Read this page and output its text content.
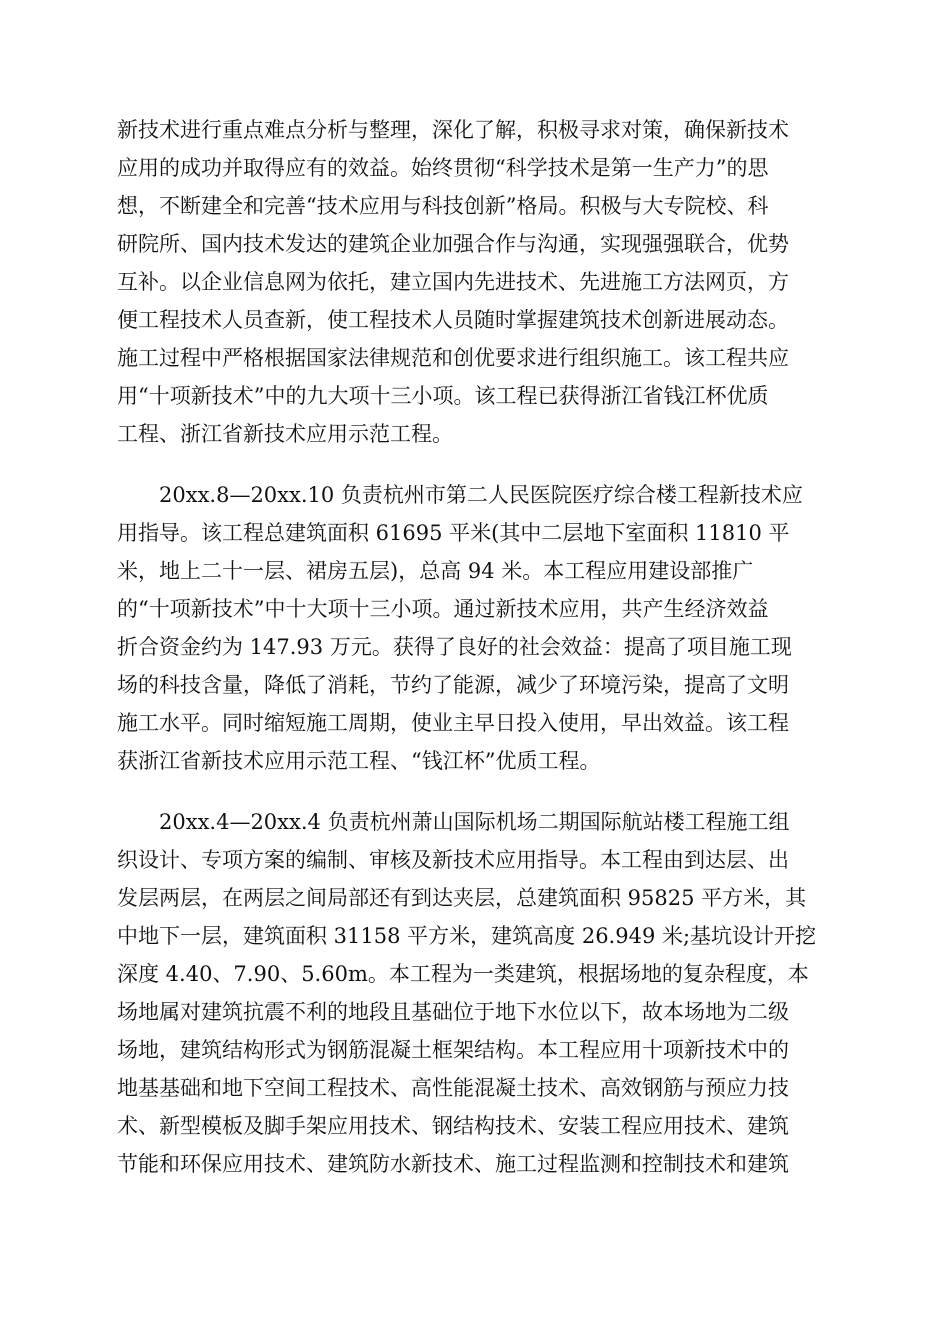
新技术进行重点难点分析与整理，深化了解，积极寻求对策，确保新技术
应用的成功并取得应有的效益。始终贯彻“科学技术是第一生产力”的思
想，不断建全和完善“技术应用与科技创新”格局。积极与大专院校、科
研院所、国内技术发达的建筑企业加强合作与沟通，实现强强联合，优势
互补。以企业信息网为依托，建立国内先进技术、先进施工方法网页，方
便工程技术人员查新，使工程技术人员随时掌握建筑技术创新进展动态。
施工过程中严格根据国家法律规范和创优要求进行组织施工。该工程共应
用“十项新技术”中的九大项十三小项。该工程已获得浙江省钱江杯优质
工程、浙江省新技术应用示范工程。
20xx.8—20xx.10 负责杭州市第二人民医院医疗综合楼工程新技术应
用指导。该工程总建筑面积 61695 平米(其中二层地下室面积 11810 平
米，地上二十一层、裙房五层)，总高 94 米。本工程应用建设部推广
的“十项新技术”中十大项十三小项。通过新技术应用，共产生经济效益
折合资金约为 147.93 万元。获得了良好的社会效益：提高了项目施工现
场的科技含量，降低了消耗，节约了能源，减少了环境污染，提高了文明
施工水平。同时缩短施工周期，使业主早日投入使用，早出效益。该工程
获浙江省新技术应用示范工程、“钱江杯”优质工程。
20xx.4—20xx.4 负责杭州萧山国际机场二期国际航站楼工程施工组
织设计、专项方案的编制、审核及新技术应用指导。本工程由到达层、出
发层两层，在两层之间局部还有到达夹层，总建筑面积 95825 平方米，其
中地下一层，建筑面积 31158 平方米，建筑高度 26.949 米;基坑设计开挖
深度 4.40、7.90、5.60m。本工程为一类建筑，根据场地的复杂程度，本
场地属对建筑抗震不利的地段且基础位于地下水位以下，故本场地为二级
场地，建筑结构形式为钢筋混凝土框架结构。本工程应用十项新技术中的
地基基础和地下空间工程技术、高性能混凝土技术、高效钢筋与预应力技
术、新型模板及脚手架应用技术、钢结构技术、安装工程应用技术、建筑
节能和环保应用技术、建筑防水新技术、施工过程监测和控制技术和建筑
